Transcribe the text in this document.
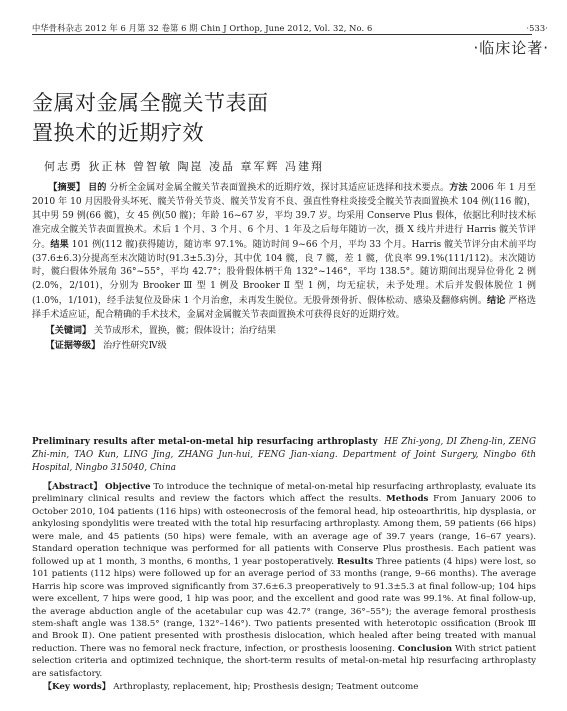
中华骨科杂志 2012 年 6 月第 32 卷第 6 期 Chin J Orthop, June 2012, Vol. 32, No. 6	·533·
·临床论著·
金属对金属全髋关节表面
置换术的近期疗效
何志勇 狄正林 曾智敏 陶崑 凌晶 章军辉 冯建翔

【摘要】 目的 分析全金属对金属全髋关节表面置换术的近期疗效，探讨其适应证选择和技术要点。方法 2006 年 1 月至 2010 年 10 月因股骨头坏死、髋关节骨关节炎、髋关节发育不良、强直性脊柱炎接受全髋关节表面置换术 104 例(116 髋)，其中男 59 例(66 髋)，女 45 例(50 髋)；年龄 16~67 岁，平均 39.7 岁。均采用 Conserve Plus 假体，依据比利时技术标准完成全髋关节表面置换术。术后 1 个月、3 个月、6 个月、1 年及之后每年随访一次，摄 X 线片并进行 Harris 髋关节评分。结果 101 例(112 髋)获得随访，随访率 97.1%。随访时间 9~66 个月，平均 33 个月。Harris 髋关节评分由术前平均(37.6±6.3)分提高至末次随访时(91.3±5.3)分，其中优 104 髋，良 7 髋，差 1 髋，优良率 99.1%(111/112)。末次随访时，髋臼假体外展角 36°~55°，平均 42.7°；股骨假体柄干角 132°~146°，平均 138.5°。随访期间出现异位骨化 2 例(2.0%，2/101)，分别为 Brooker Ⅲ 型 1 例及 Brooker Ⅱ 型 1 例，均无症状，未予处理。术后并发假体脱位 1 例(1.0%，1/101)，经手法复位及卧床 1 个月治愈，未再发生脱位。无股骨颈骨折、假体松动、感染及翻修病例。结论 严格选择手术适应证，配合精确的手术技术，金属对金属髋关节表面置换术可获得良好的近期疗效。

【关键词】 关节成形术，置换，髋；假体设计；治疗结果

【证据等级】 治疗性研究Ⅳ级

Preliminary results after metal-on-metal hip resurfacing arthroplasty HE Zhi-yong, DI Zheng-lin, ZENG Zhi-min, TAO Kun, LING Jing, ZHANG Jun-hui, FENG Jian-xiang. Department of Joint Surgery, Ningbo 6th Hospital, Ningbo 315040, China

【Abstract】 Objective To introduce the technique of metal-on-metal hip resurfacing arthroplasty, evaluate its preliminary clinical results and review the factors which affect the results. Methods From January 2006 to October 2010, 104 patients (116 hips) with osteonecrosis of the femoral head, hip osteoarthritis, hip dysplasia, or ankylosing spondylitis were treated with the total hip resurfacing arthroplasty. Among them, 59 patients (66 hips) were male, and 45 patients (50 hips) were female, with an average age of 39.7 years (range, 16–67 years). Standard operation technique was performed for all patients with Conserve Plus prosthesis. Each patient was followed up at 1 month, 3 months, 6 months, 1 year postoperatively. Results Three patients (4 hips) were lost, so 101 patients (112 hips) were followed up for an average period of 33 months (range, 9–66 months). The average Harris hip score was improved significantly from 37.6±6.3 preoperatively to 91.3±5.3 at final follow-up; 104 hips were excellent, 7 hips were good, 1 hip was poor, and the excellent and good rate was 99.1%. At final follow-up, the average abduction angle of the acetabular cup was 42.7° (range, 36°–55°); the average femoral prosthesis stem-shaft angle was 138.5° (range, 132°–146°). Two patients presented with heterotopic ossification (Brook Ⅲ and Brook Ⅱ). One patient presented with prosthesis dislocation, which healed after being treated with manual reduction. There was no femoral neck fracture, infection, or prosthesis loosening. Conclusion With strict patient selection criteria and optimized technique, the short-term results of metal-on-metal hip resurfacing arthroplasty are satisfactory.

【Key words】 Arthroplasty, replacement, hip; Prosthesis design; Teatment outcome
